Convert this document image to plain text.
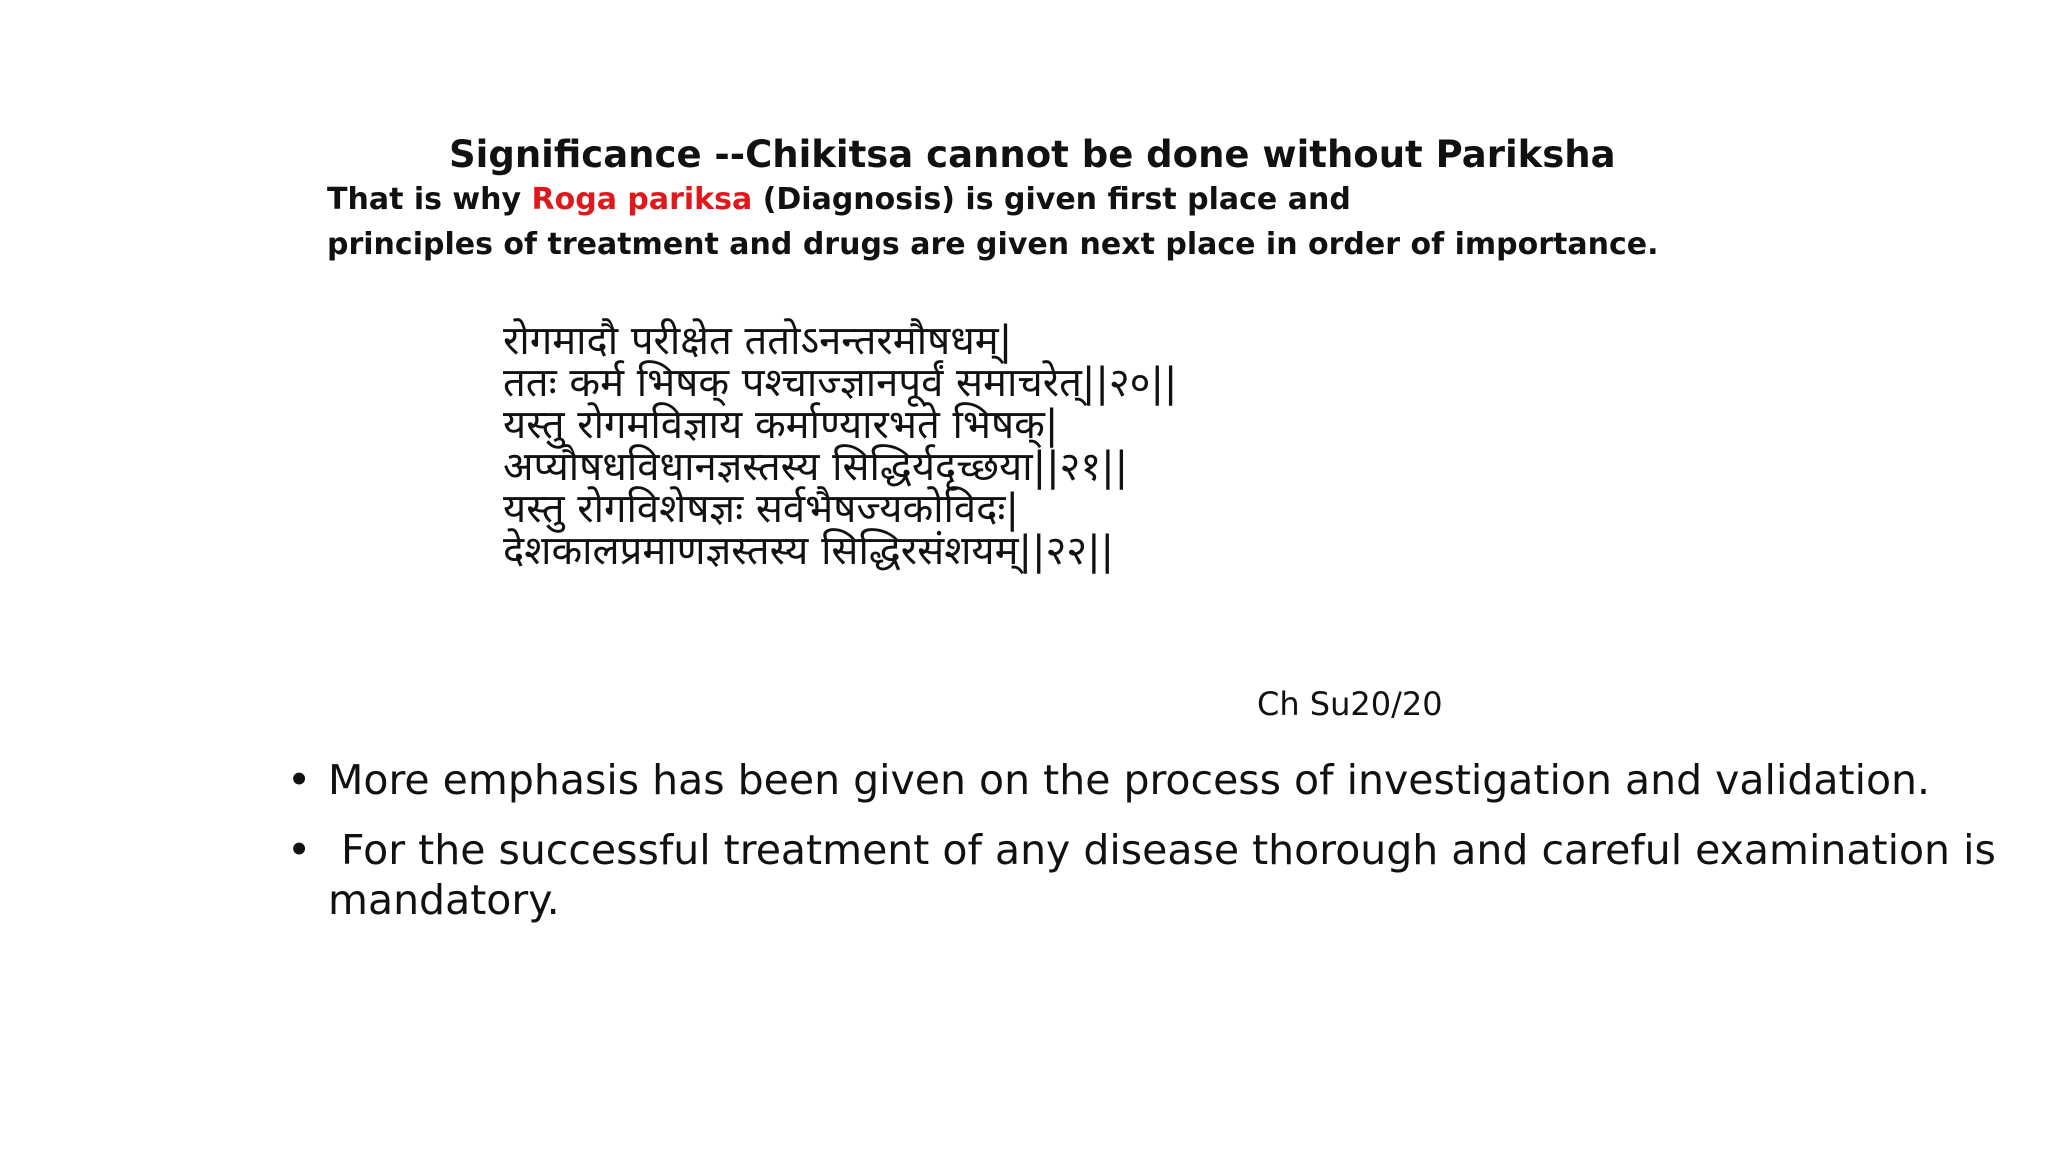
Significance --Chikitsa cannot be done without Pariksha
That is why Roga pariksa (Diagnosis) is given first place and
principles of treatment and drugs are given next place in order of importance.
रोगमादौ परीक्षेत ततोऽनन्तरमौषधम्|
ततः कर्म भिषक् पश्चाज्ज्ञानपूर्वं समाचरेत्||२०||
यस्तु रोगमविज्ञाय कर्माण्यारभते भिषक्|
अप्यौषधविधानज्ञस्तस्य सिद्धिर्यदृच्छया||२१||
यस्तु रोगविशेषज्ञः सर्वभैषज्यकोविदः|
देशकालप्रमाणज्ञस्तस्य सिद्धिरसंशयम्||२२||
Ch Su20/20
• More emphasis has been given on the process of investigation and validation.
• For the successful treatment of any disease thorough and careful examination is mandatory.
